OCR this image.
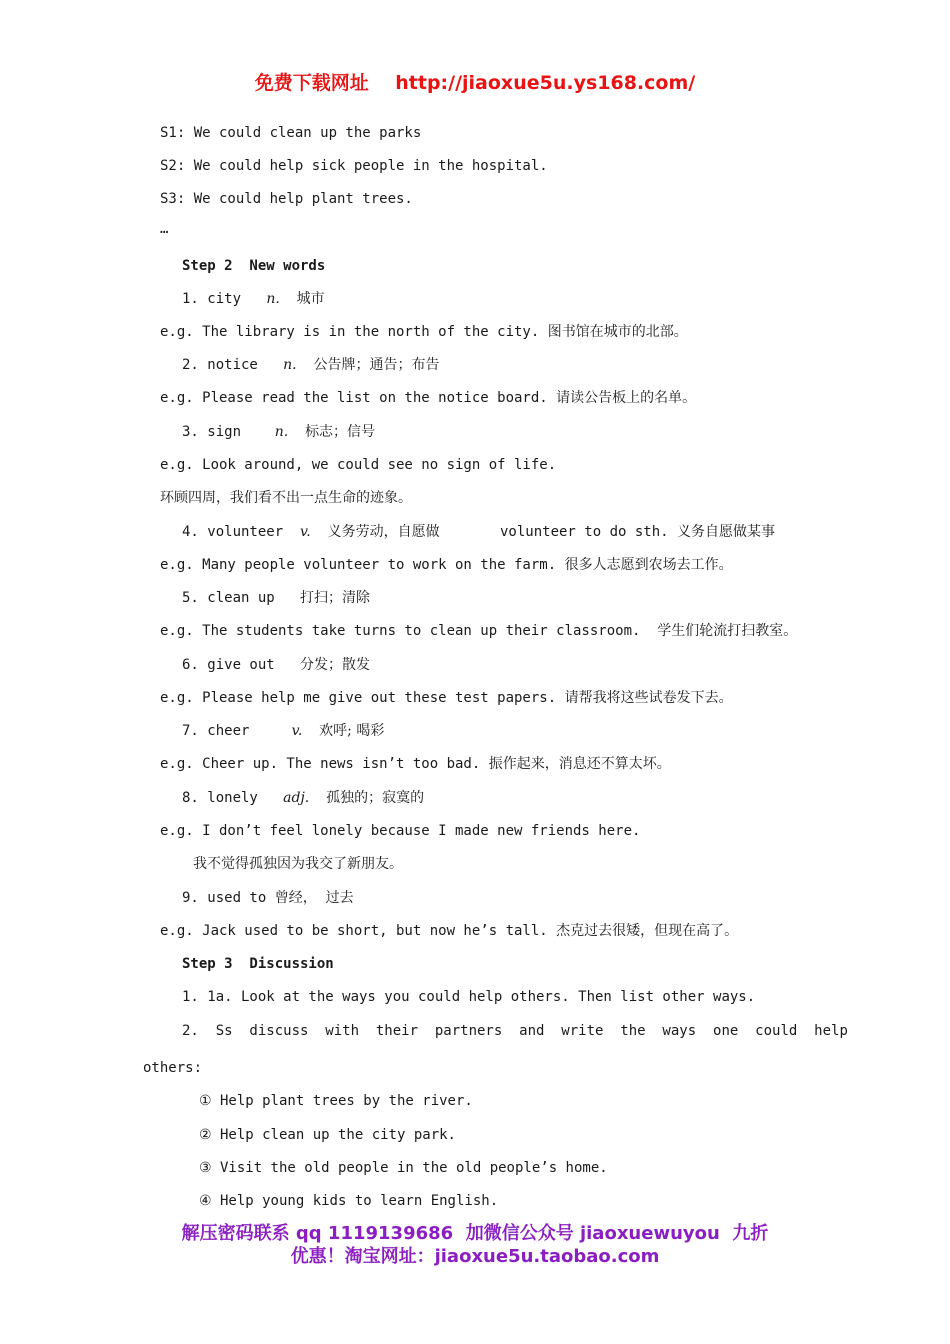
免费下载网址 http://jiaoxue5u.ys168.com/
S1: We could clean up the parks
S2: We could help sick people in the hospital.
S3: We could help plant trees.
…
Step 2  New words
1. city n. 城市
e.g. The library is in the north of the city. 图书馆在城市的北部。
2. notice n. 公告牌；通告；布告
e.g. Please read the list on the notice board. 请读公告板上的名单。
3. sign n. 标志；信号
e.g. Look around, we could see no sign of life.
环顾四周，我们看不出一点生命的迹象。
4. volunteer v. 义务劳动，自愿做	volunteer to do sth. 义务自愿做某事
e.g. Many people volunteer to work on the farm. 很多人志愿到农场去工作。
5. clean up 打扫；清除
e.g. The students take turns to clean up their classroom.  学生们轮流打扫教室。
6. give out 分发；散发
e.g. Please help me give out these test papers. 请帮我将这些试卷发下去。
7. cheer	v. 欢呼; 喝彩
e.g. Cheer up. The news isn’t too bad. 振作起来，消息还不算太坏。
8. lonely adj. 孤独的；寂寞的
e.g. I don’t feel lonely because I made new friends here.
我不觉得孤独因为我交了新朋友。
9. used to 曾经，  过去
e.g. Jack used to be short, but now he’s tall. 杰克过去很矮，但现在高了。
Step 3  Discussion
1. 1a. Look at the ways you could help others. Then list other ways.
2.  Ss  discuss  with  their  partners  and  write  the  ways  one  could  help
others:
① Help plant trees by the river.
② Help clean up the city park.
③ Visit the old people in the old people’s home.
④ Help young kids to learn English.
解压密码联系 qq 1119139686  加微信公众号 jiaoxuewuyou  九折
优惠！淘宝网址：jiaoxue5u.taobao.com
